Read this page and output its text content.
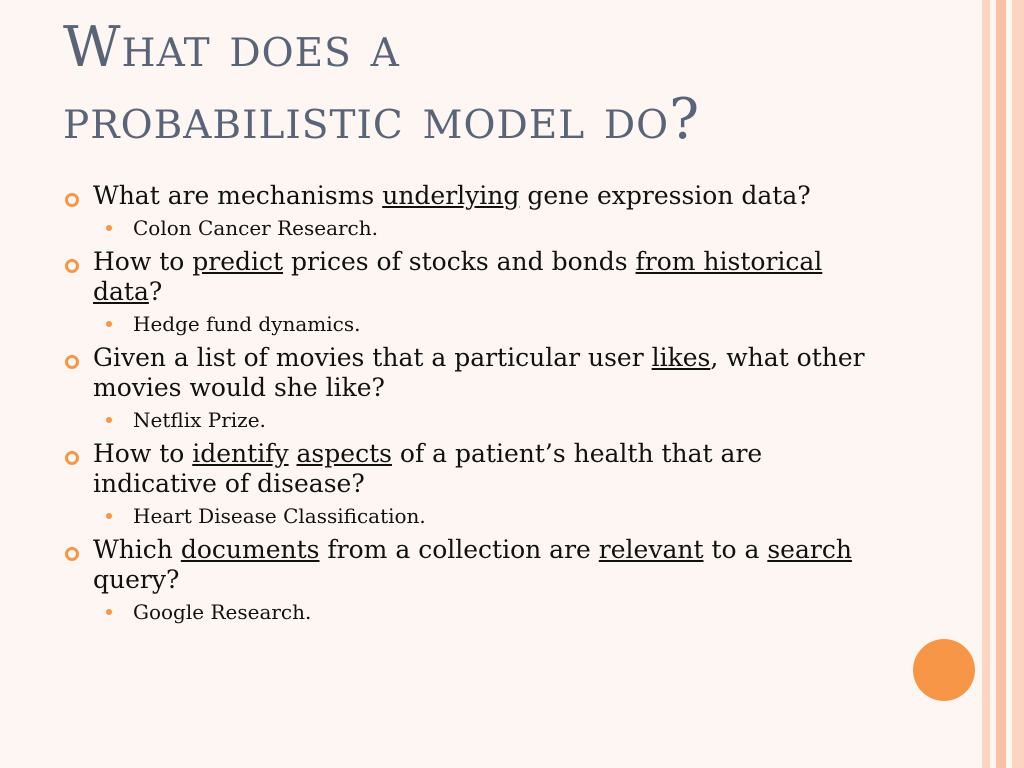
What does a
probabilistic model do?

What are mechanisms underlying gene expression data?

Colon Cancer Research.

How to predict prices of stocks and bonds from historical data?

Hedge fund dynamics.

Given a list of movies that a particular user likes, what other movies would she like?

Netflix Prize.

How to identify aspects of a patient’s health that are indicative of disease?

Heart Disease Classification.

Which documents from a collection are relevant to a search query?

Google Research.
